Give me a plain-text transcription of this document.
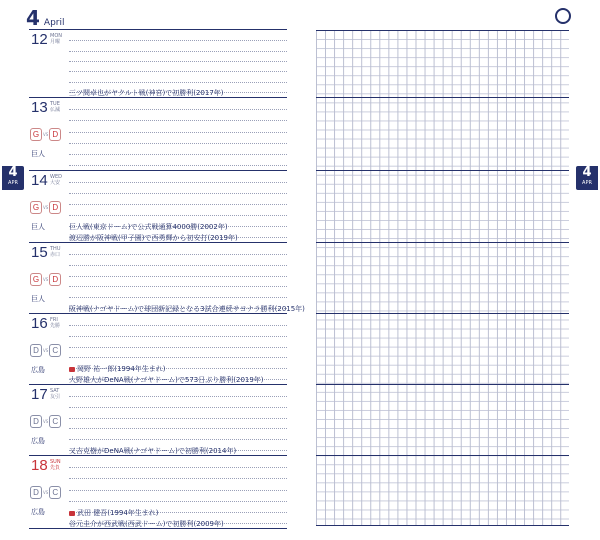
4 April
4
APR
4
APR
12 MON
月曜
三ツ間卓也がヤクルト戦(神宮)で初勝利(2017年)
13 TUE
仏滅
G VS D
巨人
14 WED
大安
G VS D
巨人	巨人戦(東京ドーム)で公式戦通算4000勝(2002年)
渡辺勝が阪神戦(甲子園)で西勇輝から初安打(2019年)
15 THU
赤口
G VS D
巨人
阪神戦(ナゴヤドーム)で球団新記録となる3試合連続サヨナラ勝利(2015年)
16 FRI
先勝
D	VS C
広島	岡野 祐一郎(1994年生まれ)
大野雄大がDeNA戦(ナゴヤドーム)で573日ぶり勝利(2019年)
17 SAT
友引
D	VS C
広島
又吉克樹がDeNA戦(ナゴヤドーム)で初勝利(2014年)
18 SUN
先負
D	VS C
広島	武田 健吾(1994年生まれ)
谷元圭介が西武戦(西武ドーム)で初勝利(2009年)
